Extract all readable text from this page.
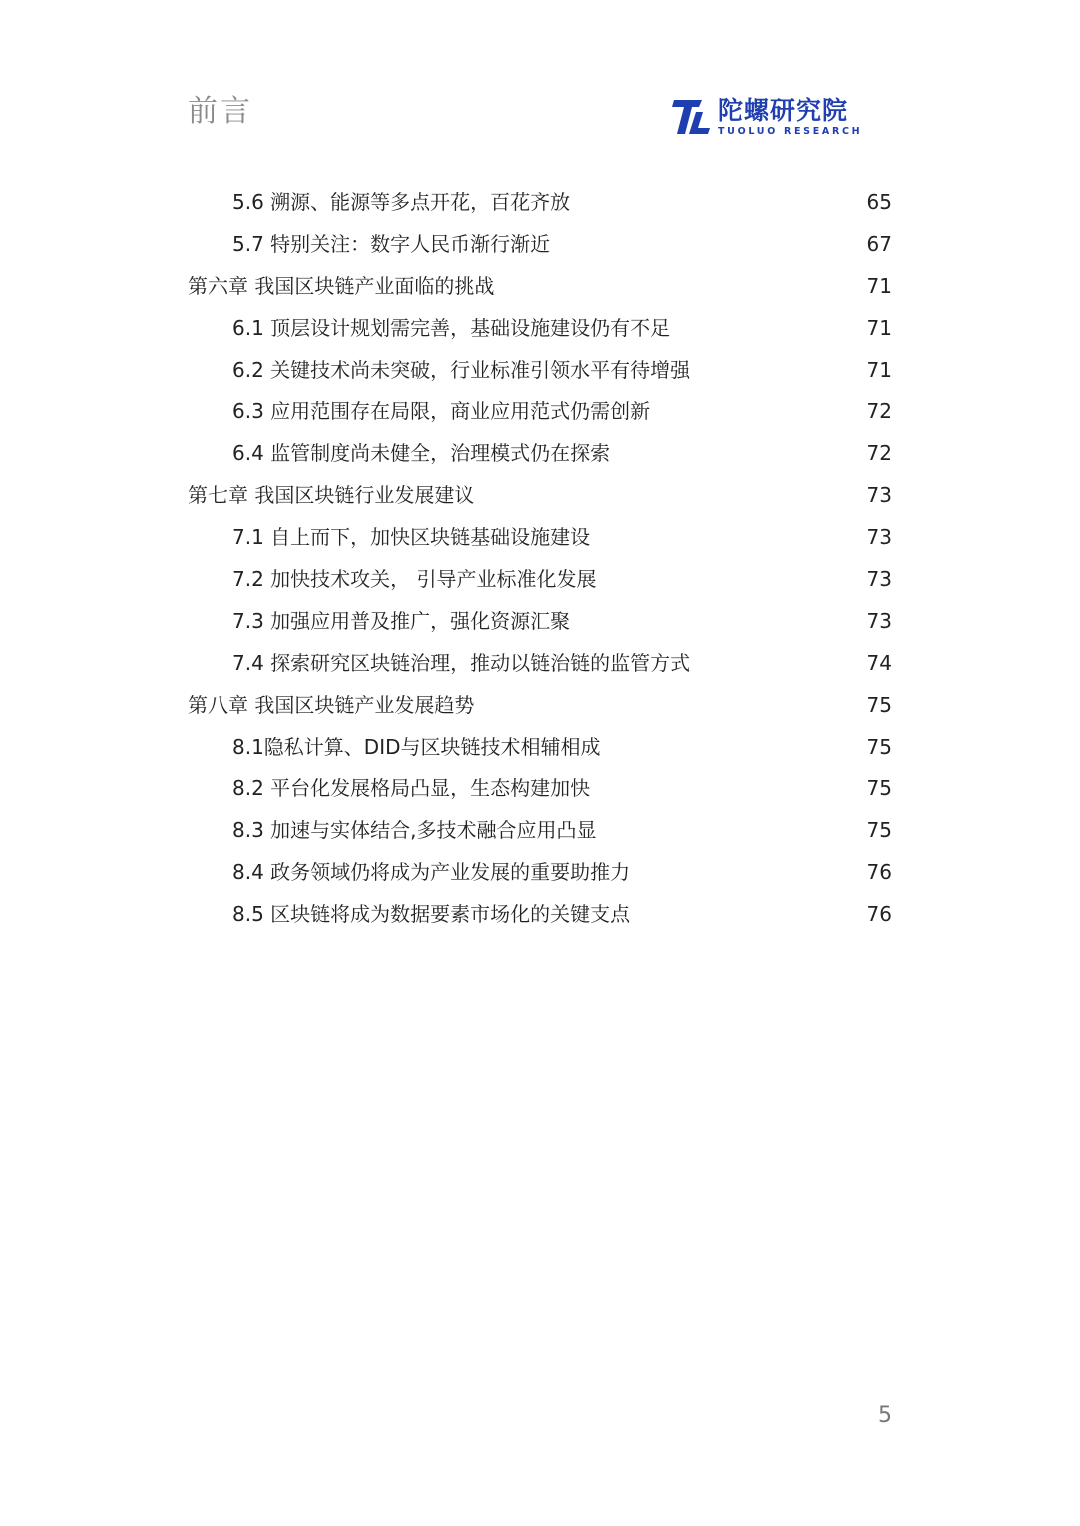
前言	陀螺研究院
TUOLUO RESEARCH
5.6 溯源、能源等多点开花，百花齐放	65
5.7 特别关注：数字人民币渐行渐近	67
第六章 我国区块链产业面临的挑战	71
6.1 顶层设计规划需完善，基础设施建设仍有不足	71
6.2 关键技术尚未突破，行业标准引领水平有待增强	71
6.3 应用范围存在局限，商业应用范式仍需创新	72
6.4 监管制度尚未健全，治理模式仍在探索	72
第七章 我国区块链行业发展建议	73
7.1 自上而下，加快区块链基础设施建设	73
7.2 加快技术攻关， 引导产业标准化发展	73
7.3 加强应用普及推广，强化资源汇聚	73
7.4 探索研究区块链治理，推动以链治链的监管方式	74
第八章 我国区块链产业发展趋势	75
8.1隐私计算、DID与区块链技术相辅相成	75
8.2 平台化发展格局凸显，生态构建加快	75
8.3 加速与实体结合,多技术融合应用凸显	75
8.4 政务领域仍将成为产业发展的重要助推力	76
8.5 区块链将成为数据要素市场化的关键支点	76
5
